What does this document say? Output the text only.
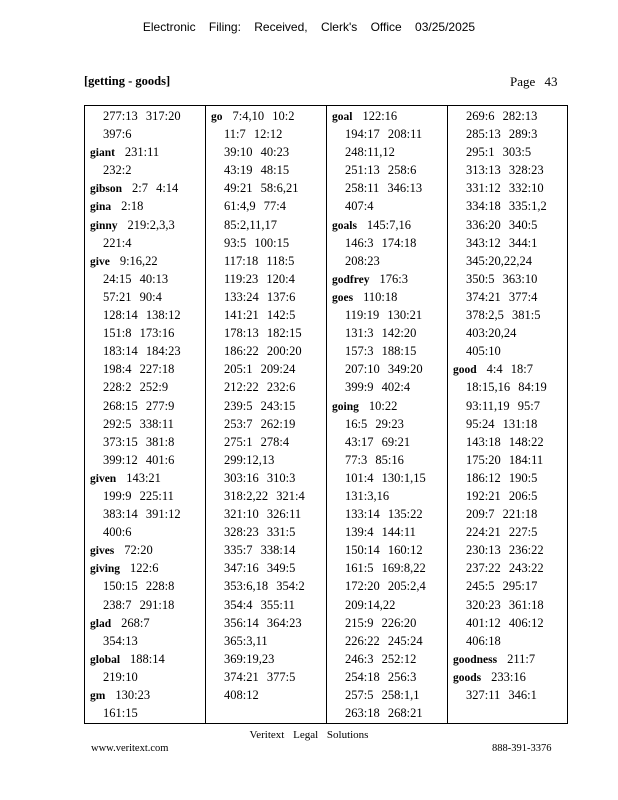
Electronic Filing: Received, Clerk's Office 03/25/2025
[getting - goods]	Page 43
277:13 317:20
397:6
giant 231:11
232:2
gibson 2:7 4:14
gina 2:18
ginny 219:2,3,3
221:4
give 9:16,22
24:15 40:13
57:21 90:4
128:14 138:12
151:8 173:16
183:14 184:23
198:4 227:18
228:2 252:9
268:15 277:9
292:5 338:11
373:15 381:8
399:12 401:6
given 143:21
199:9 225:11
383:14 391:12
400:6
gives 72:20
giving 122:6
150:15 228:8
238:7 291:18
glad 268:7
354:13
global 188:14
219:10
gm 130:23
161:15
go 7:4,10 10:2
11:7 12:12
39:10 40:23
43:19 48:15
49:21 58:6,21
61:4,9 77:4
85:2,11,17
93:5 100:15
117:18 118:5
119:23 120:4
133:24 137:6
141:21 142:5
178:13 182:15
186:22 200:20
205:1 209:24
212:22 232:6
239:5 243:15
253:7 262:19
275:1 278:4
299:12,13
303:16 310:3
318:2,22 321:4
321:10 326:11
328:23 331:5
335:7 338:14
347:16 349:5
353:6,18 354:2
354:4 355:11
356:14 364:23
365:3,11
369:19,23
374:21 377:5
408:12
goal 122:16
194:17 208:11
248:11,12
251:13 258:6
258:11 346:13
407:4
goals 145:7,16
146:3 174:18
208:23
godfrey 176:3
goes 110:18
119:19 130:21
131:3 142:20
157:3 188:15
207:10 349:20
399:9 402:4
going 10:22
16:5 29:23
43:17 69:21
77:3 85:16
101:4 130:1,15
131:3,16
133:14 135:22
139:4 144:11
150:14 160:12
161:5 169:8,22
172:20 205:2,4
209:14,22
215:9 226:20
226:22 245:24
246:3 252:12
254:18 256:3
257:5 258:1,1
263:18 268:21
269:6 282:13
285:13 289:3
295:1 303:5
313:13 328:23
331:12 332:10
334:18 335:1,2
336:20 340:5
343:12 344:1
345:20,22,24
350:5 363:10
374:21 377:4
378:2,5 381:5
403:20,24
405:10
good 4:4 18:7
18:15,16 84:19
93:11,19 95:7
95:24 131:18
143:18 148:22
175:20 184:11
186:12 190:5
192:21 206:5
209:7 221:18
224:21 227:5
230:13 236:22
237:22 243:22
245:5 295:17
320:23 361:18
401:12 406:12
406:18
goodness 211:7
goods 233:16
327:11 346:1
Veritext Legal Solutions
www.veritext.com	888-391-3376
